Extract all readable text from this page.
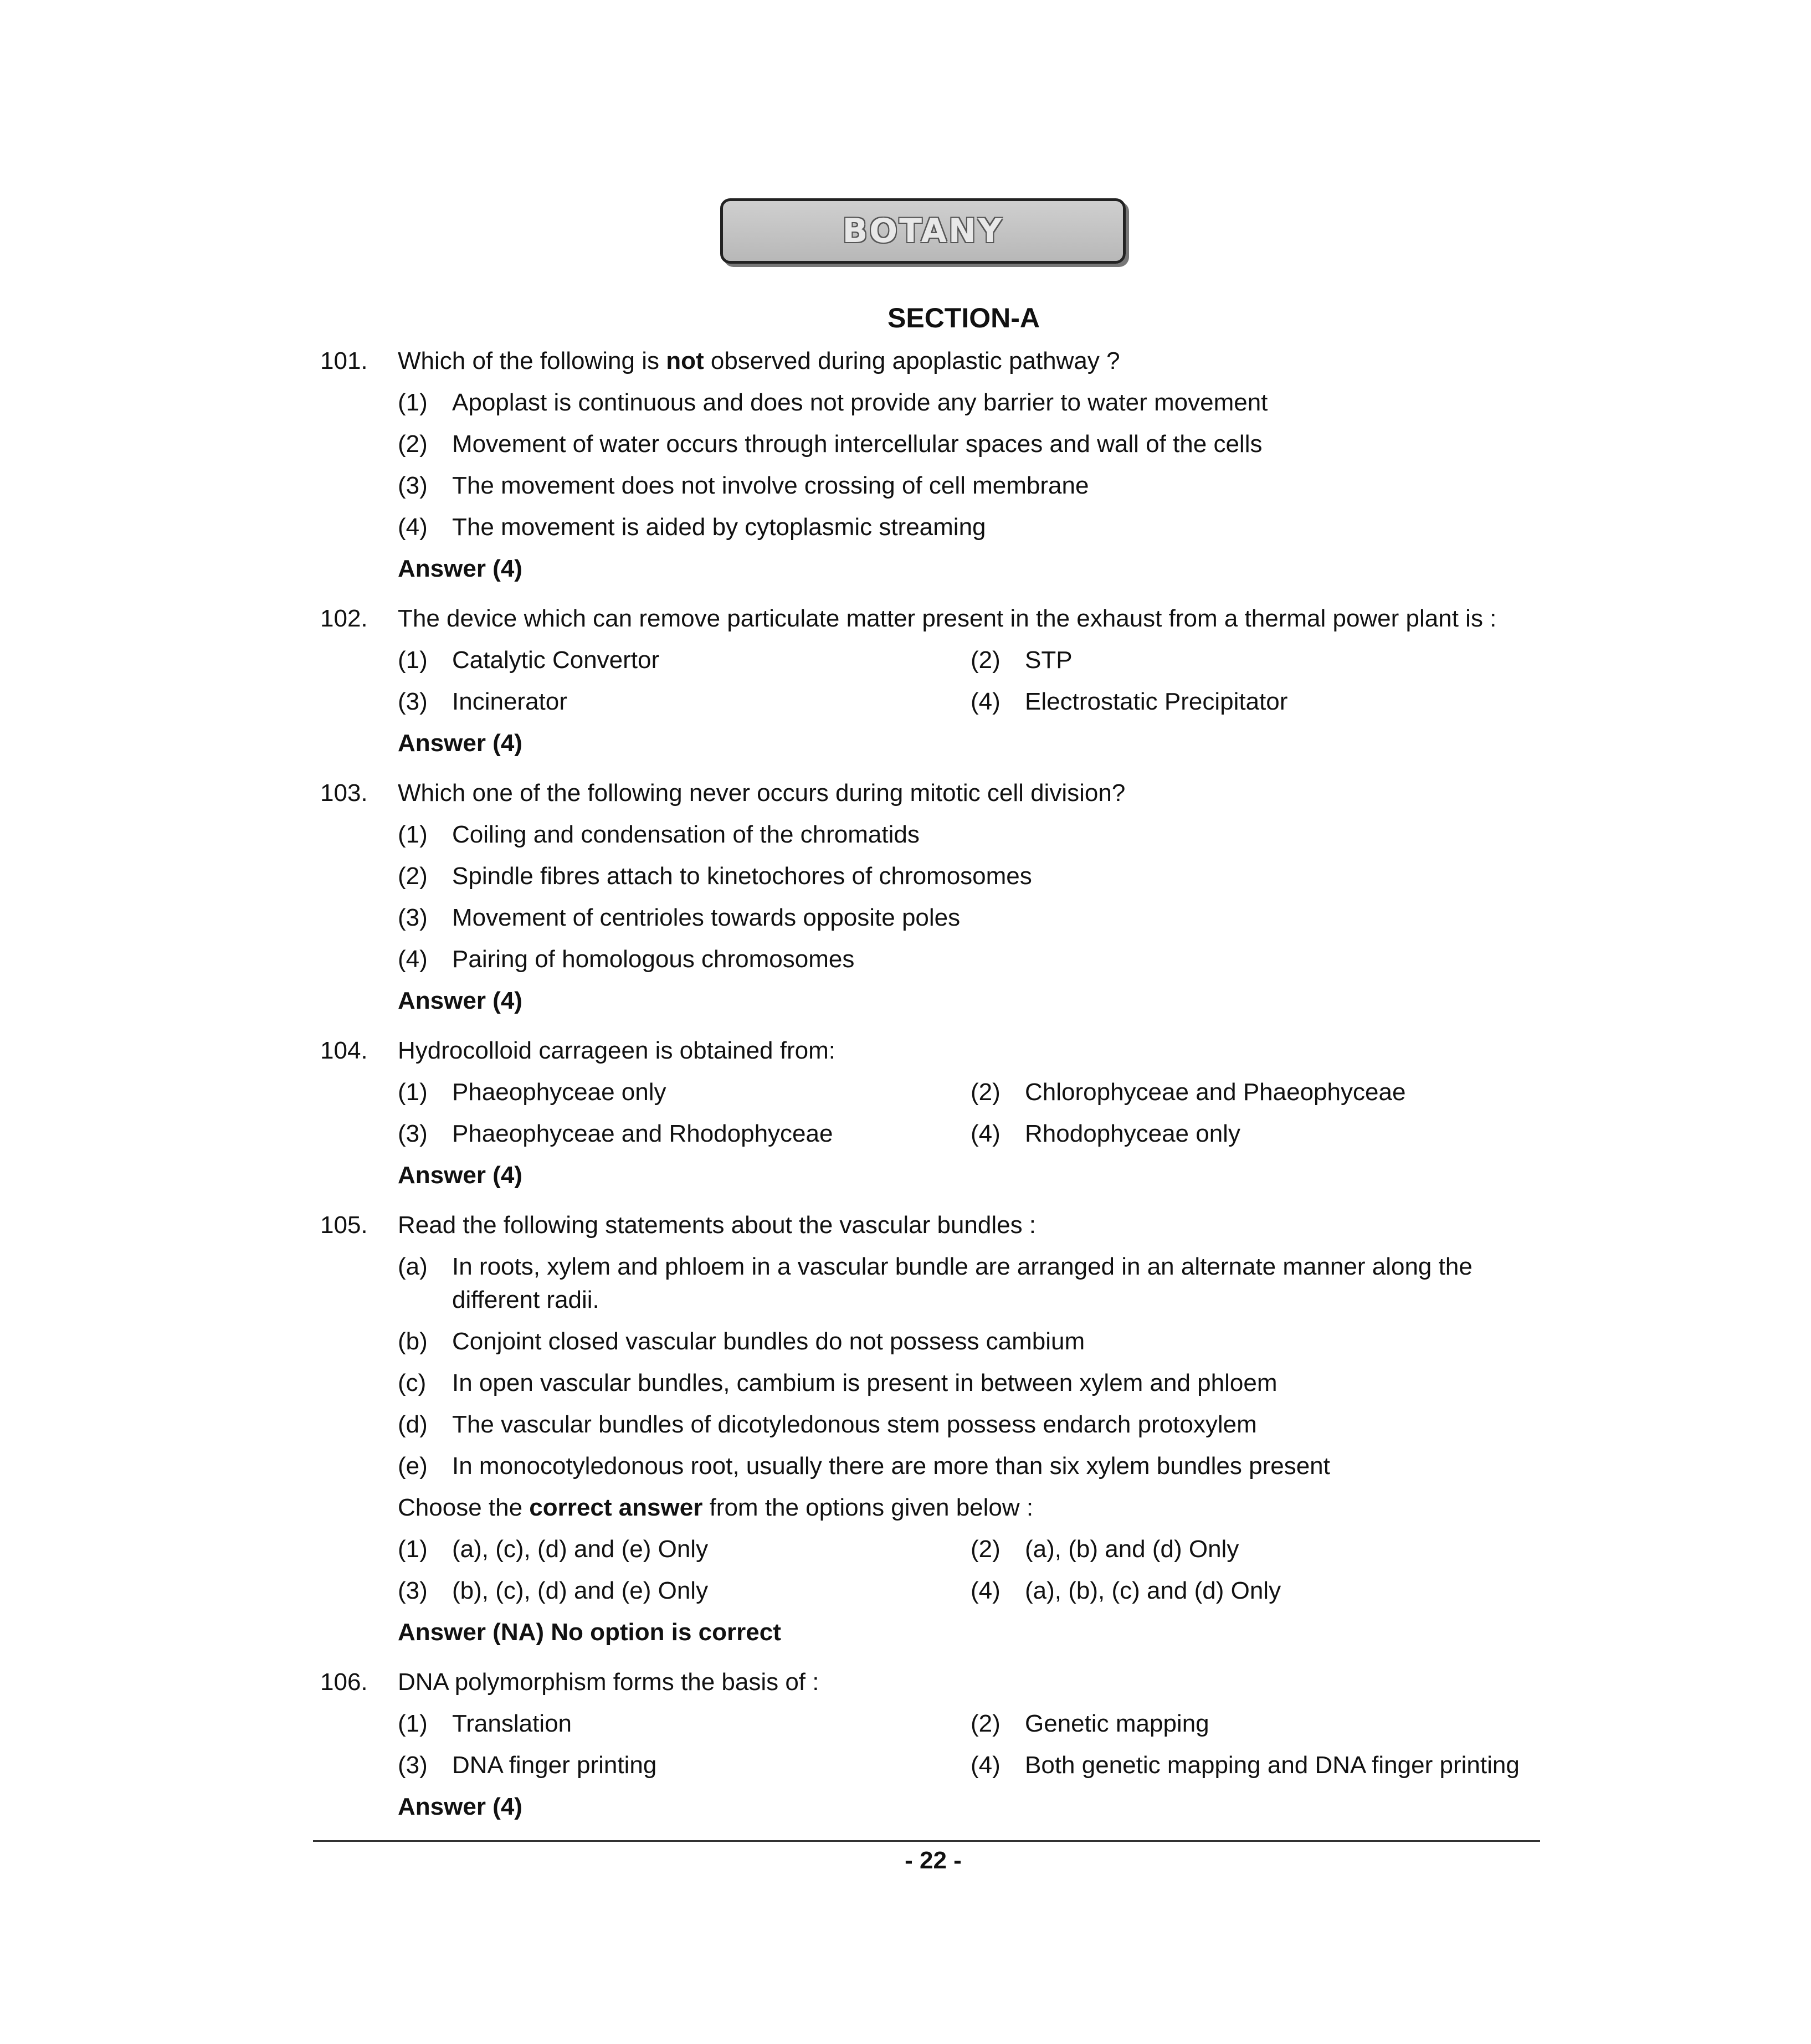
BOTANY
SECTION-A
101.	Which of the following is not observed during apoplastic pathway ?
(1)	Apoplast is continuous and does not provide any barrier to water movement
(2)	Movement of water occurs through intercellular spaces and wall of the cells
(3)	The movement does not involve crossing of cell membrane
(4)	The movement is aided by cytoplasmic streaming
Answer (4)
102.	The device which can remove particulate matter present in the exhaust from a thermal power plant is :
(1)	Catalytic Convertor	(2)	STP
(3)	Incinerator	(4)	Electrostatic Precipitator
Answer (4)
103.	Which one of the following never occurs during mitotic cell division?
(1)	Coiling and condensation of the chromatids
(2)	Spindle fibres attach to kinetochores of chromosomes
(3)	Movement of centrioles towards opposite poles
(4)	Pairing of homologous chromosomes
Answer (4)
104.	Hydrocolloid carrageen is obtained from:
(1)	Phaeophyceae only	(2)	Chlorophyceae and Phaeophyceae
(3)	Phaeophyceae and Rhodophyceae	(4)	Rhodophyceae only
Answer (4)
105.	Read the following statements about the vascular bundles :
(a)	In roots, xylem and phloem in a vascular bundle are arranged in an alternate manner along the different radii.
(b)	Conjoint closed vascular bundles do not possess cambium
(c)	In open vascular bundles, cambium is present in between xylem and phloem
(d)	The vascular bundles of dicotyledonous stem possess endarch protoxylem
(e)	In monocotyledonous root, usually there are more than six xylem bundles present
Choose the correct answer from the options given below :
(1)	(a), (c), (d) and (e) Only	(2)	(a), (b) and (d) Only
(3)	(b), (c), (d) and (e) Only	(4)	(a), (b), (c) and (d) Only
Answer (NA) No option is correct
106.	DNA polymorphism forms the basis of :
(1)	Translation	(2)	Genetic mapping
(3)	DNA finger printing	(4)	Both genetic mapping and DNA finger printing
Answer (4)
- 22 -
